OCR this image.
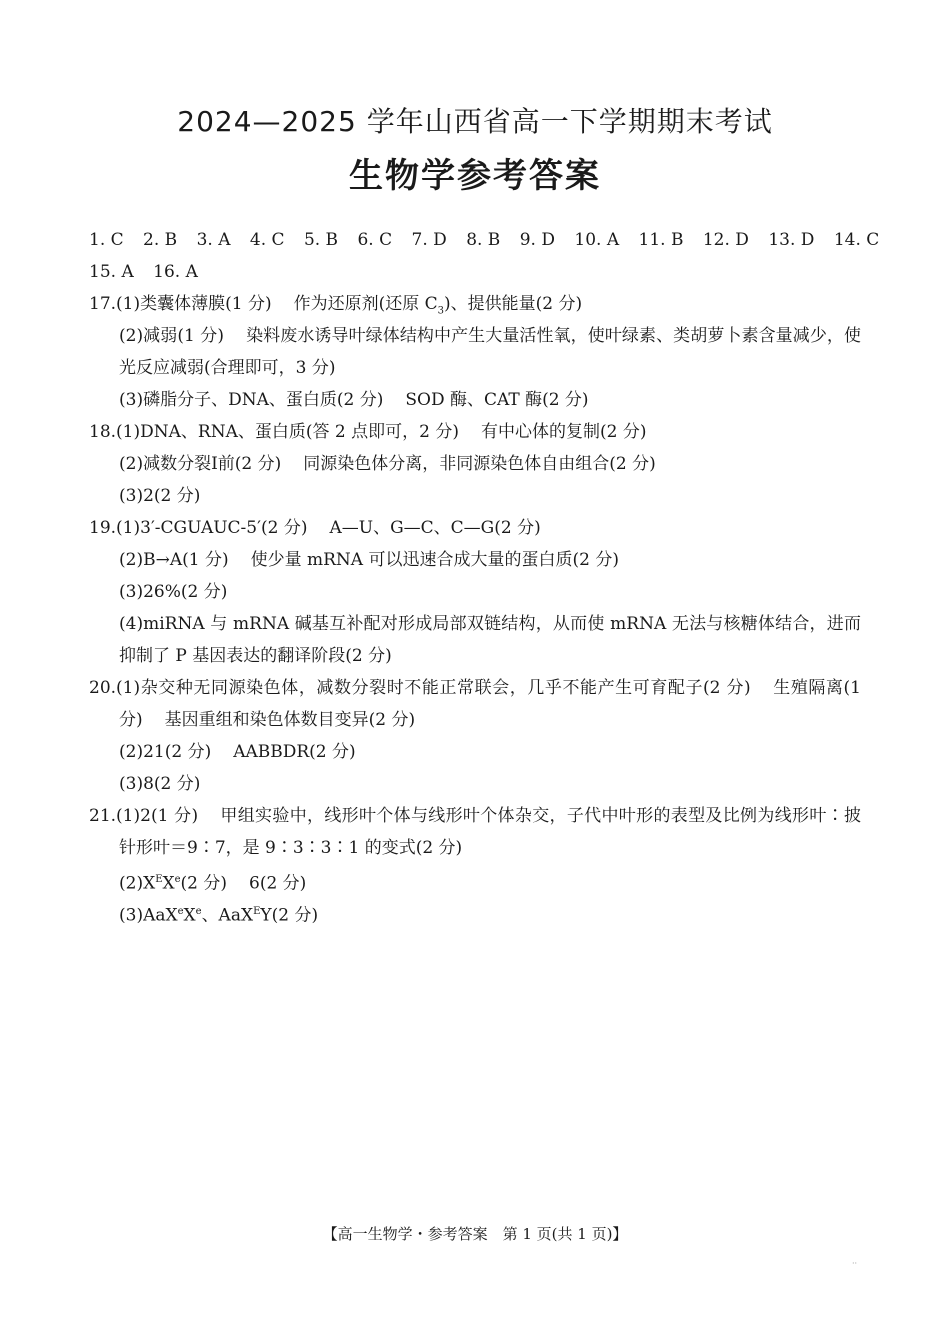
2024—2025 学年山西省高一下学期期末考试
生物学参考答案
1. C 2. B 3. A 4. C 5. B 6. C 7. D 8. B 9. D 10. A 11. B 12. D 13. D 14. C
15. A 16. A
17.(1)类囊体薄膜(1 分) 作为还原剂(还原 $C_3$)、提供能量(2 分)
(2)减弱(1 分) 染料废水诱导叶绿体结构中产生大量活性氧，使叶绿素、类胡萝卜素含量减少，使光反应减弱(合理即可，3 分)
(3)磷脂分子、DNA、蛋白质(2 分) SOD 酶、CAT 酶(2 分)
18.(1)DNA、RNA、蛋白质(答 2 点即可，2 分) 有中心体的复制(2 分)
(2)减数分裂Ⅰ前(2 分) 同源染色体分离，非同源染色体自由组合(2 分)
(3)2(2 分)
19.(1)3′-CGUAUC-5′(2 分) A—U、G—C、C—G(2 分)
(2)B→A(1 分) 使少量 mRNA 可以迅速合成大量的蛋白质(2 分)
(3)26%(2 分)
(4)miRNA 与 mRNA 碱基互补配对形成局部双链结构，从而使 mRNA 无法与核糖体结合，进而抑制了 P 基因表达的翻译阶段(2 分)
20.(1)杂交种无同源染色体，减数分裂时不能正常联会，几乎不能产生可育配子(2 分) 生殖隔离(1 分) 基因重组和染色体数目变异(2 分)
(2)21(2 分) AABBDR(2 分)
(3)8(2 分)
21.(1)2(1 分) 甲组实验中，线形叶个体与线形叶个体杂交，子代中叶形的表型及比例为线形叶∶披针形叶＝9∶7，是 9∶3∶3∶1 的变式(2 分)
$(2)X^EXe(2$ 分) 6(2 分)
(3)AaX$^e$Xe、AaX$^E$Y(2 分)
【高一生物学・参考答案　第 1 页(共 1 页)】
··
